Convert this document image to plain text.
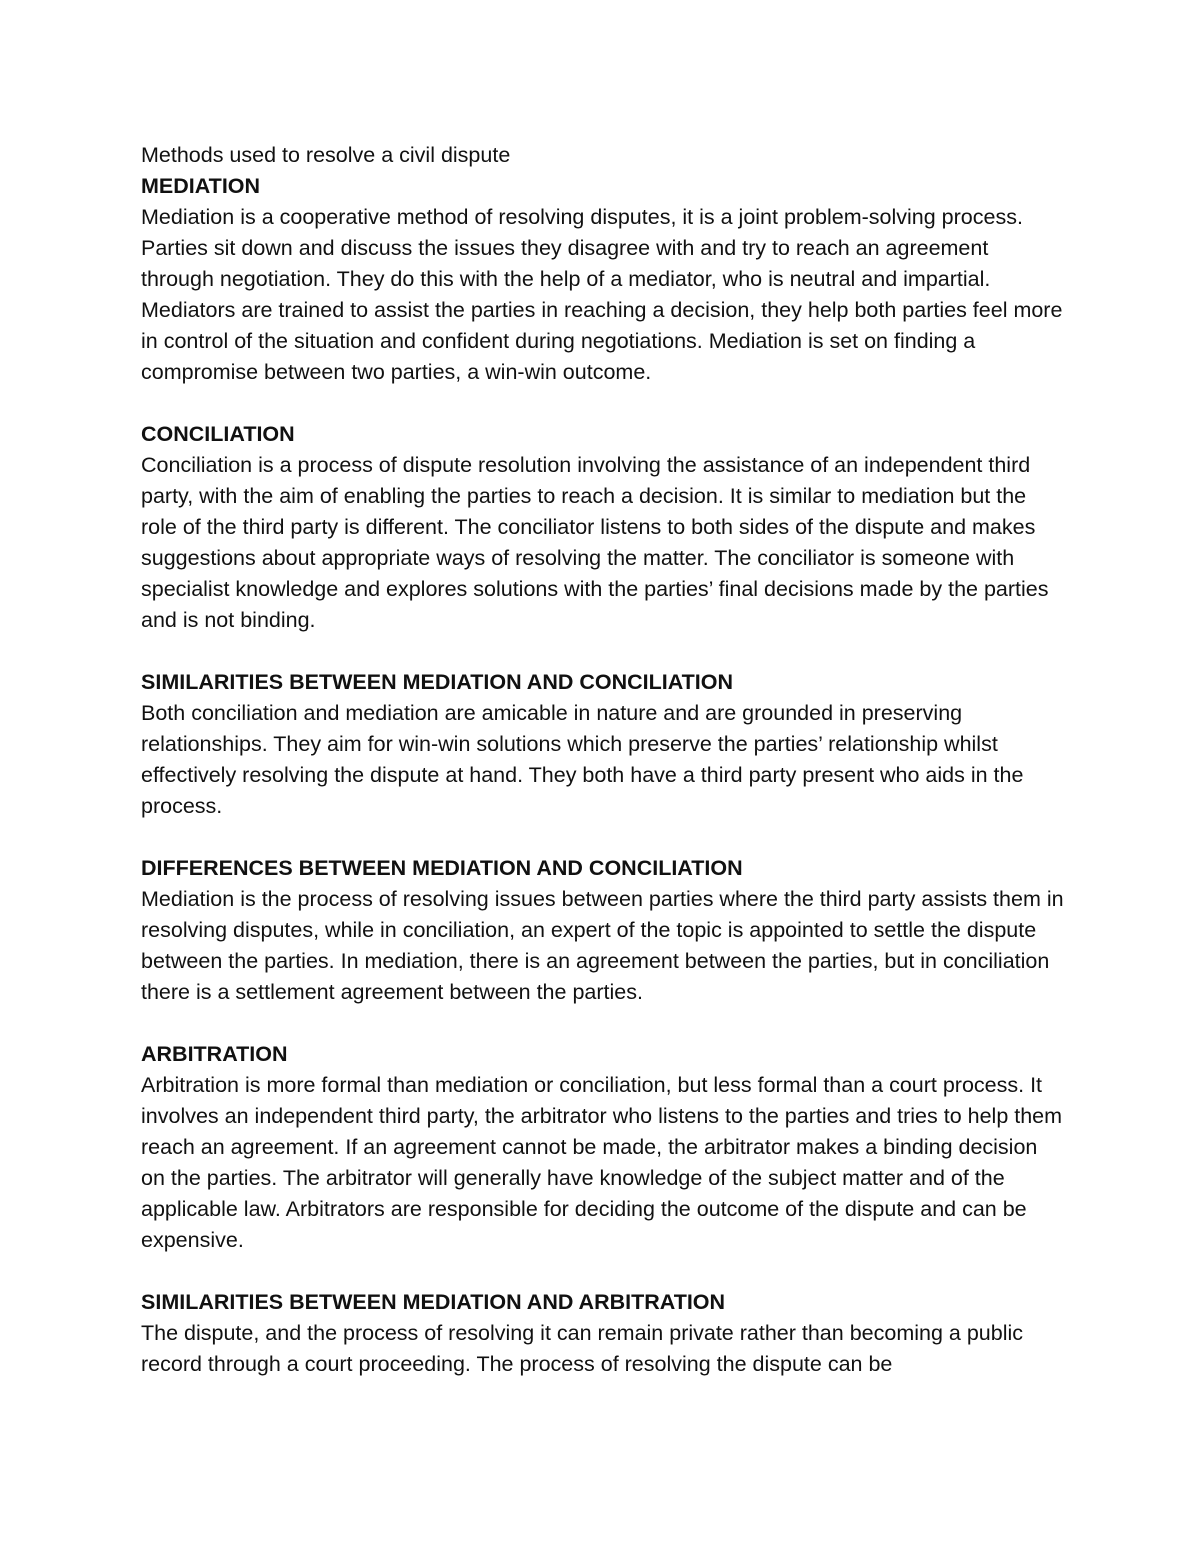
Methods used to resolve a civil dispute

MEDIATION

Mediation is a cooperative method of resolving disputes, it is a joint problem-solving process. Parties sit down and discuss the issues they disagree with and try to reach an agreement through negotiation. They do this with the help of a mediator, who is neutral and impartial. Mediators are trained to assist the parties in reaching a decision, they help both parties feel more in control of the situation and confident during negotiations. Mediation is set on finding a compromise between two parties, a win-win outcome.

CONCILIATION

Conciliation is a process of dispute resolution involving the assistance of an independent third party, with the aim of enabling the parties to reach a decision. It is similar to mediation but the role of the third party is different. The conciliator listens to both sides of the dispute and makes suggestions about appropriate ways of resolving the matter. The conciliator is someone with specialist knowledge and explores solutions with the parties’ final decisions made by the parties and is not binding.

SIMILARITIES BETWEEN MEDIATION AND CONCILIATION

Both conciliation and mediation are amicable in nature and are grounded in preserving relationships. They aim for win-win solutions which preserve the parties’ relationship whilst effectively resolving the dispute at hand. They both have a third party present who aids in the process.

DIFFERENCES BETWEEN MEDIATION AND CONCILIATION

Mediation is the process of resolving issues between parties where the third party assists them in resolving disputes, while in conciliation, an expert of the topic is appointed to settle the dispute between the parties. In mediation, there is an agreement between the parties, but in conciliation there is a settlement agreement between the parties.

ARBITRATION

Arbitration is more formal than mediation or conciliation, but less formal than a court process. It involves an independent third party, the arbitrator who listens to the parties and tries to help them reach an agreement. If an agreement cannot be made, the arbitrator makes a binding decision on the parties. The arbitrator will generally have knowledge of the subject matter and of the applicable law. Arbitrators are responsible for deciding the outcome of the dispute and can be expensive.

SIMILARITIES BETWEEN MEDIATION AND ARBITRATION

The dispute, and the process of resolving it can remain private rather than becoming a public record through a court proceeding. The process of resolving the dispute can be
